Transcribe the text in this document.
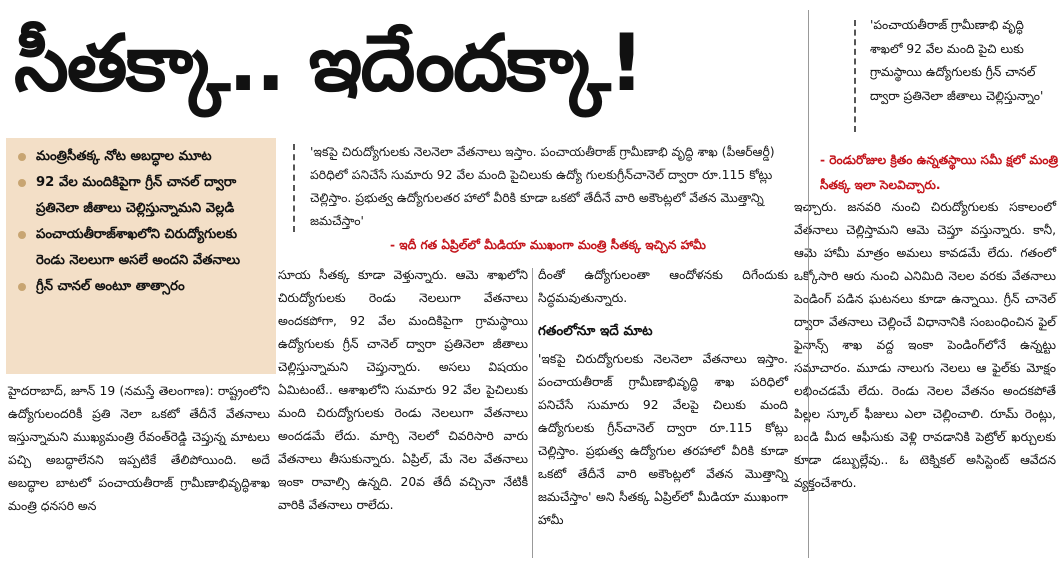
సీతక్కా.. ఇదేందక్కా!
మంత్రిసీతక్క నోట అబద్ధాల మూట
92 వేల మందికిపైగా గ్రీన్ చానల్ ద్వారా ప్రతినెలా జీతాలు చెల్లిస్తున్నామని వెల్లడి
పంచాయతీరాజ్‌శాఖలోని చిరుద్యోగులకు రెండు నెలలుగా అసలే అందని వేతనాలు
గ్రీన్ చానల్ అంటూ తాత్సారం

'ఇకపై చిరుద్యోగులకు నెలనెలా వేతనాలు ఇస్తాం. పంచాయతీరాజ్ గ్రామీణాభి వృద్ధి శాఖ (పీఆర్‌ఆర్డీ) పరిధిలో పనిచేసే సుమారు 92 వేల మంది పైచిలుకు ఉద్యో గులకుగ్రీన్‌చానెల్ ద్వారా రూ.115 కోట్లు చెల్లిస్తాం. ప్రభుత్వ ఉద్యోగులతర హాలో వీరికి కూడా ఒకటో తేదీనే వారి అకౌంట్లలో వేతన మొత్తాన్ని జమచేస్తాం'

- ఇదీ గత ఏప్రిల్‌లో మీడియా ముఖంగా మంత్రి సీతక్క ఇచ్చిన హామీ

'పంచాయతీరాజ్ గ్రామీణాభి వృద్ధి శాఖలో 92 వేల మంది పైచి లుకు గ్రామస్థాయి ఉద్యోగులకు గ్రీన్ చానల్ ద్వారా ప్రతినెలా జీతాలు చెల్లిస్తున్నాం'

- రెండురోజుల క్రితం ఉన్నతస్థాయి సమీ క్షలో మంత్రి సీతక్క ఇలా సెలవిచ్చారు.

హైదరాబాద్, జూన్ 19 (నమస్తే తెలంగాణ): రాష్ట్రంలోని ఉద్యోగులందరికీ ప్రతి నెలా ఒకటో తేదీనే వేతనాలు ఇస్తున్నామని ముఖ్యమంత్రి రేవంత్‌రెడ్డి చెప్తున్న మాటలు పచ్చి అబద్ధాలేనని ఇప్పటికే తేలిపోయింది. అదే అబద్ధాల బాటలో పంచాయతీరాజ్ గ్రామీణాభివృద్ధిశాఖ మంత్రి ధనసరి అన

సూయ సీతక్క కూడా వెళ్తున్నారు. ఆమె శాఖలోని చిరుద్యోగులకు రెండు నెలలుగా వేతనాలు అందకపోగా, 92 వేల మందికిపైగా గ్రామస్థాయి ఉద్యోగులకు గ్రీన్ చానెల్ ద్వారా ప్రతినెలా జీతాలు చెల్లిస్తున్నామని చెప్తున్నారు. అసలు విషయం ఏమిటంటే.. ఆశాఖలోని సుమారు 92 వేల పైచిలుకు మంది చిరుద్యోగులకు రెండు నెలలుగా వేతనాలు అందడమే లేదు. మార్చి నెలలో చివరిసారి వారు వేతనాలు తీసుకున్నారు. ఏప్రిల్, మే నెల వేతనాలు ఇంకా రావాల్సి ఉన్నది. 20వ తేదీ వచ్చినా నేటికీ వారికి వేతనాలు రాలేదు.

దీంతో ఉద్యోగులంతా ఆందోళనకు దిగేందుకు సిద్ధమవుతున్నారు.

గతంలోనూ ఇదే మాట

'ఇకపై చిరుద్యోగులకు నెలనెలా వేతనాలు ఇస్తాం. పంచాయతీరాజ్ గ్రామీణాభివృద్ధి శాఖ పరిధిలో పనిచేసే సుమారు 92 వేలపై చిలుకు మంది ఉద్యోగులకు గ్రీన్‌చానెల్ ద్వారా రూ.115 కోట్లు చెల్లిస్తాం. ప్రభుత్వ ఉద్యోగుల తరహాలో వీరికి కూడా ఒకటో తేదీనే వారి అకౌంట్లలో వేతన మొత్తాన్ని జమచేస్తాం' అని సీతక్క ఏప్రిల్‌లో మీడియా ముఖంగా హామీ

ఇచ్చారు. జనవరి నుంచి చిరుద్యోగులకు సకాలంలో వేతనాలు చెల్లిస్తామని ఆమె చెప్తూ వస్తున్నారు. కానీ, ఆమె హామీ మాత్రం అమలు కావడమే లేదు. గతంలో ఒక్కోసారి ఆరు నుంచి ఎనిమిది నెలల వరకు వేతనాలు పెండింగ్ పడిన ఘటనలు కూడా ఉన్నాయి. గ్రీన్ చానెల్ ద్వారా వేతనాలు చెల్లించే విధానానికి సంబంధించిన ఫైల్ ఫైనాన్స్ శాఖ వద్ద ఇంకా పెండింగ్‌లోనే ఉన్నట్టు సమాచారం. మూడు నాలుగు నెలలు ఆ ఫైల్‌కు మోక్షం లభించడమే లేదు. రెండు నెలల వేతనం అందకపోతే పిల్లల స్కూల్ ఫీజులు ఎలా చెల్లించాలి. రూమ్ రెంట్లు, బండి మీద ఆఫీసుకు వెళ్లి రావడానికి పెట్రోల్ ఖర్చులకు కూడా డబ్బుల్లేవు.. ఓ టెక్నికల్ అసిస్టెంట్ ఆవేదన వ్యక్తంచేశారు.
